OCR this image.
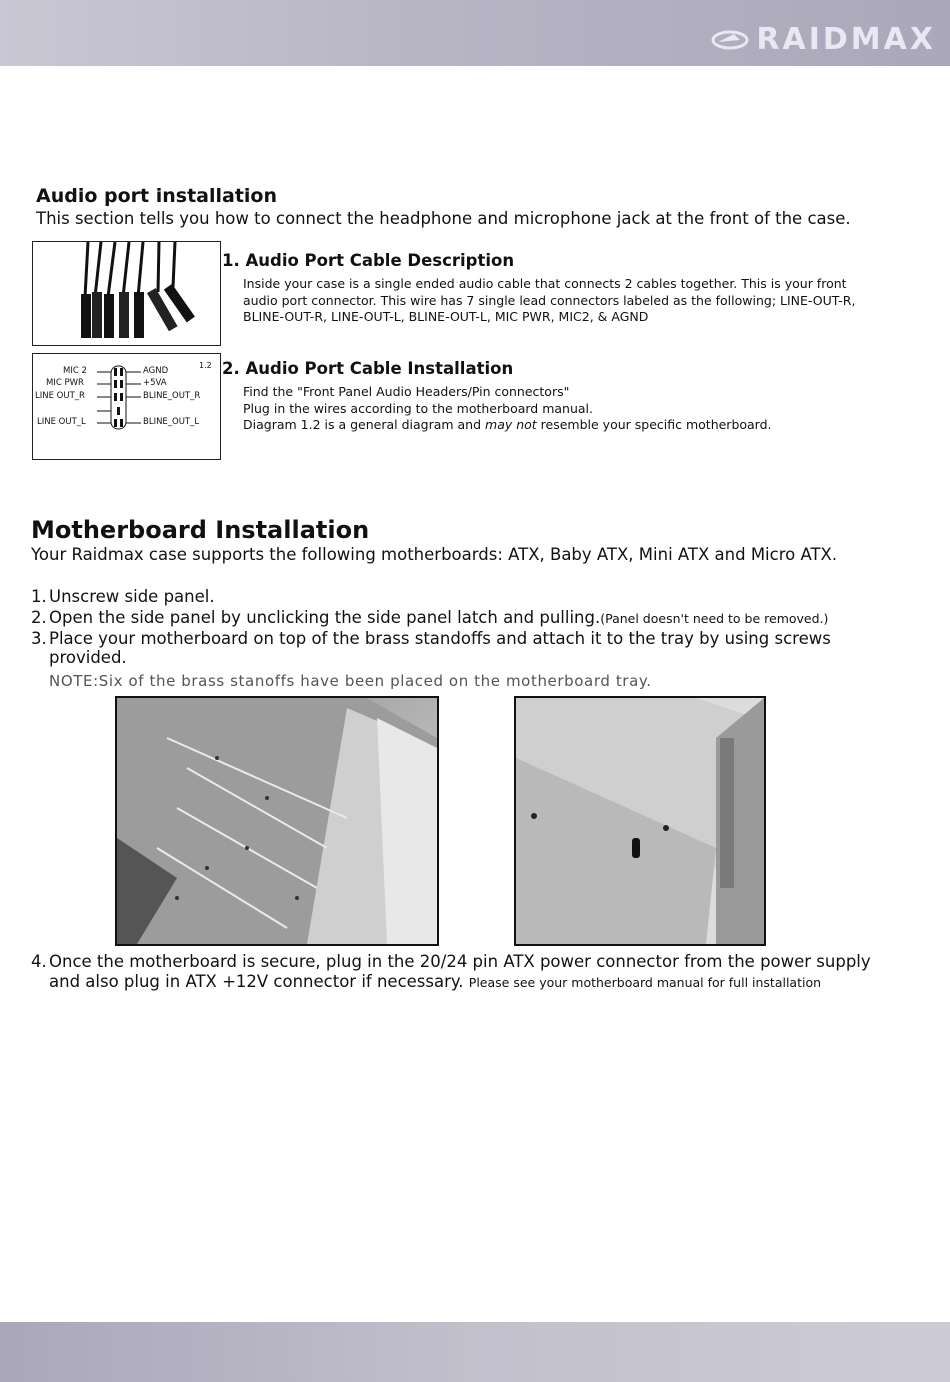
RAIDMAX
Audio port installation

This section tells you how to connect the headphone and microphone jack at the front of the case.

MIC 2	AGND
MIC PWR	+5VA
LINE OUT_R	BLINE_OUT_R
LINE OUT_L	BLINE_OUT_L
1.2
1. Audio Port Cable Description
Inside your case is a single ended audio cable that connects 2 cables together. This is your front
audio port connector. This wire has 7 single lead connectors labeled as the following; LINE-OUT-R,
BLINE-OUT-R, LINE-OUT-L, BLINE-OUT-L, MIC PWR, MIC2, & AGND
2. Audio Port Cable Installation
Find the "Front Panel Audio Headers/Pin connectors"
Plug in the wires according to the motherboard manual.
Diagram 1.2 is a general diagram and may not resemble your specific motherboard.
Motherboard Installation

Your Raidmax case supports the following motherboards: ATX, Baby ATX, Mini ATX and Micro ATX.

1. Unscrew side panel.
2. Open the side panel by unclicking the side panel latch and pulling.(Panel doesn't need to be removed.)
3. Place your motherboard on top of the brass standoffs and attach it to the tray by using screws
provided.
NOTE:Six of the brass stanoffs have been placed on the motherboard tray.
4. Once the motherboard is secure, plug in the 20/24 pin ATX power connector from the power supply
and also plug in ATX +12V connector if necessary. Please see your motherboard manual for full installation
